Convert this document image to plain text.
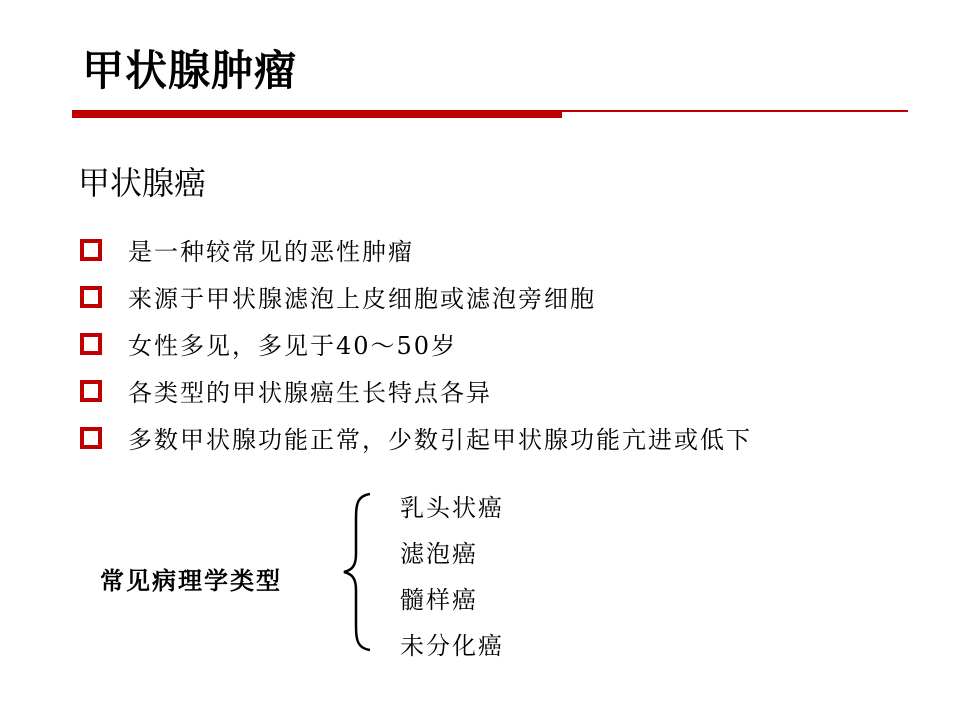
甲状腺肿瘤
甲状腺癌
是一种较常见的恶性肿瘤
来源于甲状腺滤泡上皮细胞或滤泡旁细胞
女性多见，多见于40～50岁
各类型的甲状腺癌生长特点各异
多数甲状腺功能正常，少数引起甲状腺功能亢进或低下
常见病理学类型
乳头状癌
滤泡癌
髓样癌
未分化癌
